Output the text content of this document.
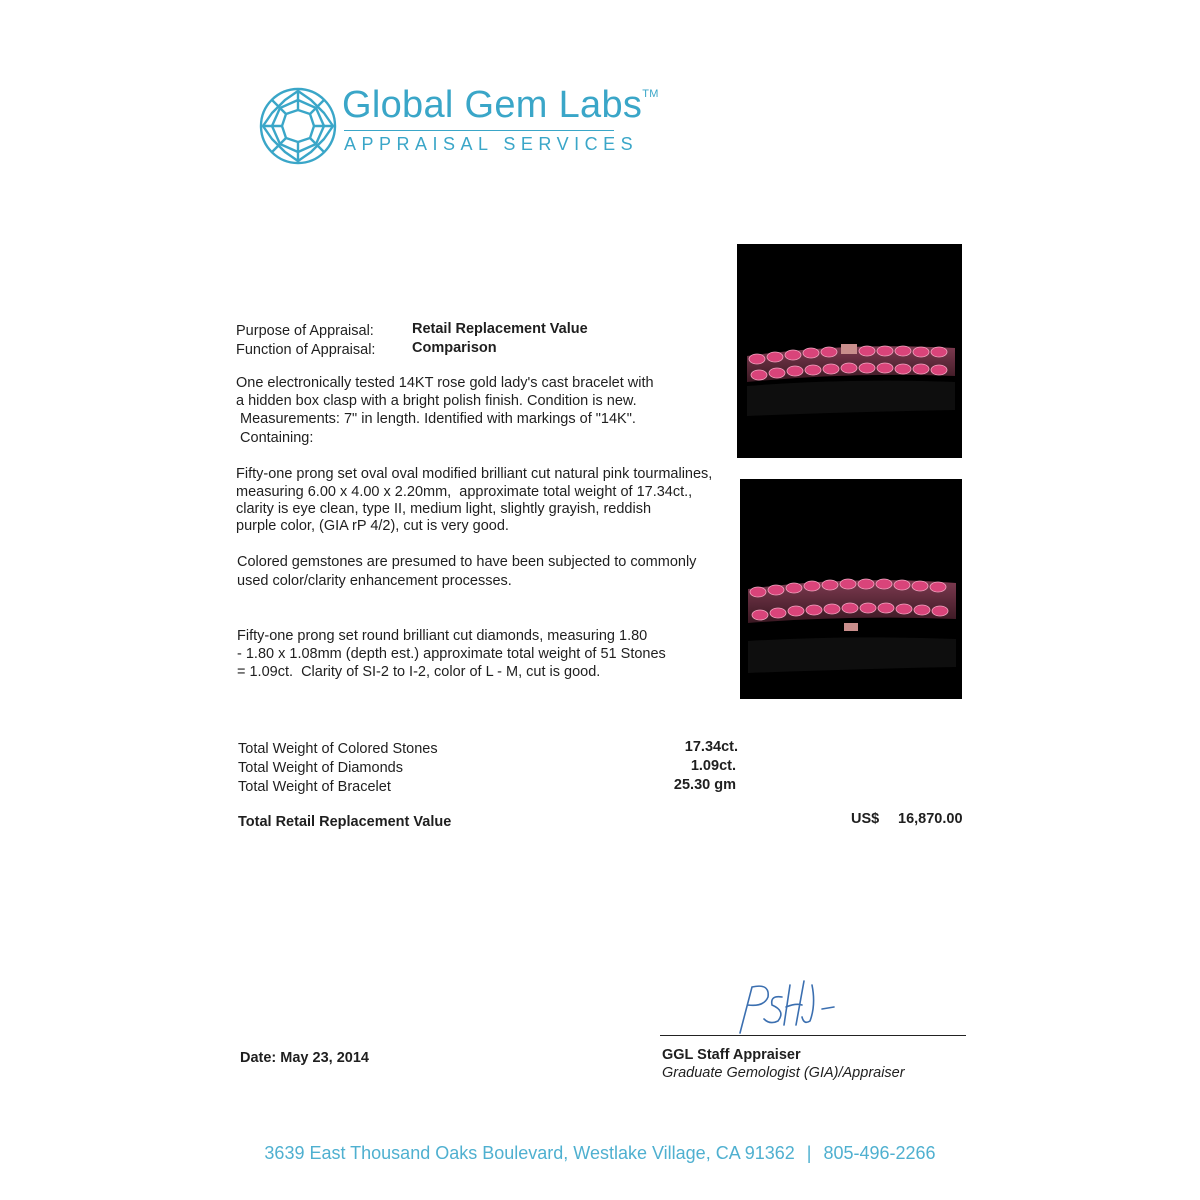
Global Gem Labs™
APPRAISAL SERVICES
Purpose of Appraisal:	Retail Replacement Value
Function of Appraisal:	Comparison
One electronically tested 14KT rose gold lady's cast bracelet with
a hidden box clasp with a bright polish finish. Condition is new.
Measurements: 7" in length. Identified with markings of "14K".
Containing:
Fifty-one prong set oval oval modified brilliant cut natural pink tourmalines,
measuring 6.00 x 4.00 x 2.20mm,  approximate total weight of 17.34ct.,
clarity is eye clean, type II, medium light, slightly grayish, reddish
purple color, (GIA rP 4/2), cut is very good.
Colored gemstones are presumed to have been subjected to commonly
used color/clarity enhancement processes.
Fifty-one prong set round brilliant cut diamonds, measuring 1.80
- 1.80 x 1.08mm (depth est.) approximate total weight of 51 Stones
= 1.09ct.  Clarity of SI-2 to I-2, color of L - M, cut is good.
Total Weight of Colored Stones	17.34ct.
Total Weight of Diamonds	1.09ct.
Total Weight of Bracelet	25.30 gm
Total Retail Replacement Value	US$ 16,870.00
Date: May 23, 2014	GGL Staff Appraiser
Graduate Gemologist (GIA)/Appraiser
3639 East Thousand Oaks Boulevard, Westlake Village, CA 91362 | 805-496-2266
